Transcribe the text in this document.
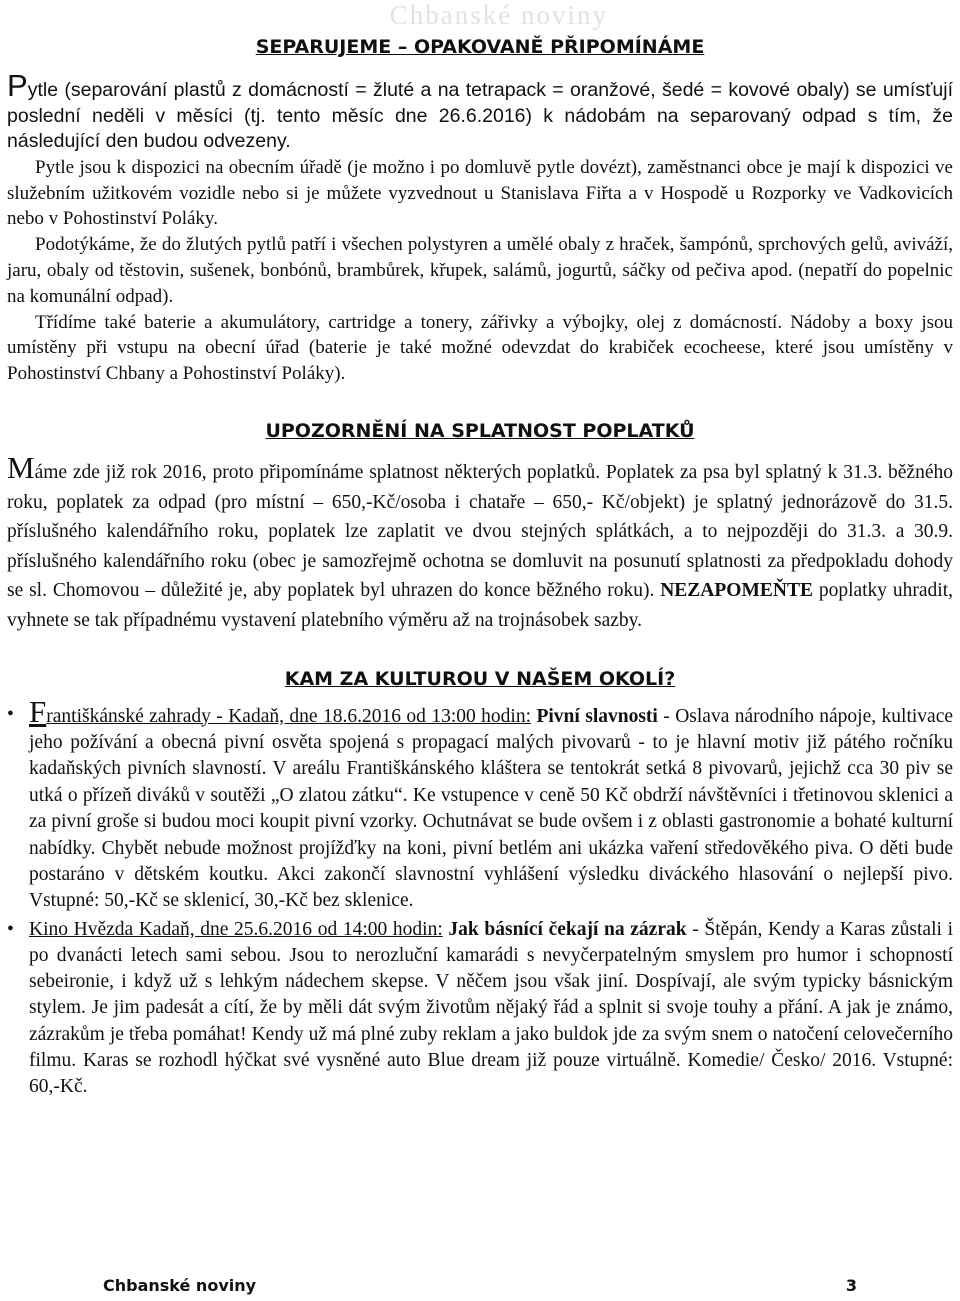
Chbanské noviny
SEPARUJEME – OPAKOVANĚ PŘIPOMÍNÁME

Pytle (separování plastů z domácností = žluté a na tetrapack = oranžové, šedé = kovové obaly) se umísťují poslední neděli v měsíci (tj. tento měsíc dne 26.6.2016) k nádobám na separovaný odpad s tím, že následující den budou odvezeny.

Pytle jsou k dispozici na obecním úřadě (je možno i po domluvě pytle dovézt), zaměstnanci obce je mají k dispozici ve služebním užitkovém vozidle nebo si je můžete vyzvednout u Stanislava Fiřta a v Hospodě u Rozporky ve Vadkovicích nebo v Pohostinství Poláky.

Podotýkáme, že do žlutých pytlů patří i všechen polystyren a umělé obaly z hraček, šampónů, sprchových gelů, aviváží, jaru, obaly od těstovin, sušenek, bonbónů, brambůrek, křupek, salámů, jogurtů, sáčky od pečiva apod. (nepatří do popelnic na komunální odpad).

Třídíme také baterie a akumulátory, cartridge a tonery, zářivky a výbojky, olej z domácností. Nádoby a boxy jsou umístěny při vstupu na obecní úřad (baterie je také možné odevzdat do krabiček ecocheese, které jsou umístěny v Pohostinství Chbany a Pohostinství Poláky).

UPOZORNĚNÍ NA SPLATNOST POPLATKŮ

Máme zde již rok 2016, proto připomínáme splatnost některých poplatků. Poplatek za psa byl splatný k 31.3. běžného roku, poplatek za odpad (pro místní – 650,-Kč/osoba i chataře – 650,- Kč/objekt) je splatný jednorázově do 31.5. příslušného kalendářního roku, poplatek lze zaplatit ve dvou stejných splátkách, a to nejpozději do 31.3. a 30.9. příslušného kalendářního roku (obec je samozřejmě ochotna se domluvit na posunutí splatnosti za předpokladu dohody se sl. Chomovou – důležité je, aby poplatek byl uhrazen do konce běžného roku). NEZAPOMEŇTE poplatky uhradit, vyhnete se tak případnému vystavení platebního výměru až na trojnásobek sazby.

KAM ZA KULTUROU V NAŠEM OKOLÍ?
• Františkánské zahrady - Kadaň, dne 18.6.2016 od 13:00 hodin: Pivní slavnosti - Oslava národního nápoje, kultivace jeho požívání a obecná pivní osvěta spojená s propagací malých pivovarů - to je hlavní motiv již pátého ročníku kadaňských pivních slavností. V areálu Františkánského kláštera se tentokrát setká 8 pivovarů, jejichž cca 30 piv se utká o přízeň diváků v soutěži „O zlatou zátku“. Ke vstupence v ceně 50 Kč obdrží návštěvníci i třetinovou sklenici a za pivní groše si budou moci koupit pivní vzorky. Ochutnávat se bude ovšem i z oblasti gastronomie a bohaté kulturní nabídky. Chybět nebude možnost projížďky na koni, pivní betlém ani ukázka vaření středověkého piva. O děti bude postaráno v dětském koutku. Akci zakončí slavnostní vyhlášení výsledku diváckého hlasování o nejlepší pivo. Vstupné: 50,-Kč se sklenicí, 30,-Kč bez sklenice.
• Kino Hvězda Kadaň, dne 25.6.2016 od 14:00 hodin: Jak básnící čekají na zázrak - Štěpán, Kendy a Karas zůstali i po dvanácti letech sami sebou. Jsou to nerozluční kamarádi s nevyčerpatelným smyslem pro humor i schopností sebeironie, i když už s lehkým nádechem skepse. V něčem jsou však jiní. Dospívají, ale svým typicky básnickým stylem. Je jim padesát a cítí, že by měli dát svým životům nějaký řád a splnit si svoje touhy a přání. A jak je známo, zázrakům je třeba pomáhat! Kendy už má plné zuby reklam a jako buldok jde za svým snem o natočení celovečerního filmu. Karas se rozhodl hýčkat své vysněné auto Blue dream již pouze virtuálně. Komedie/ Česko/ 2016. Vstupné: 60,-Kč.
Chbanské noviny	3
